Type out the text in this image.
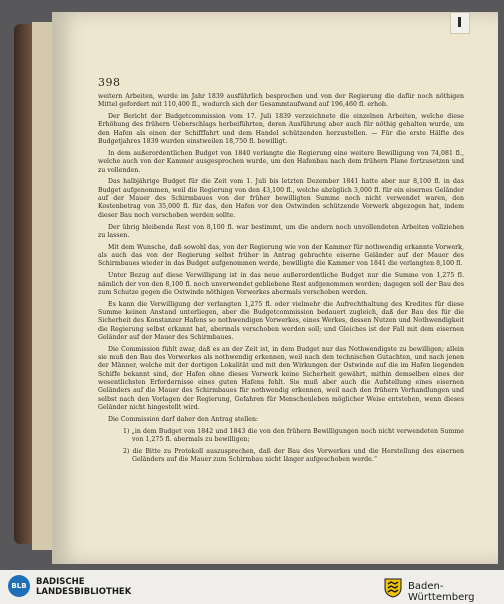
398

weitern Arbeiten, wurde im Jahr 1839 ausführlich besprochen und von der Regierung die dafür noch nöthigen Mittel gefordert mit 110,400 fl., wodurch sich der Gesammtaufwand auf 196,460 fl. erhob.

Der Bericht der Budgetcommission vom 17. Juli 1839 verzeichnete die einzelnen Arbeiten, welche diese Erhöhung des frühern Ueberschlags herbeiführten, deren Ausführung aber auch für nöthig gehalten wurde, um den Hafen als einen der Schifffahrt und dem Handel schützenden herzustellen. — Für die erste Hälfte des Budgetjahres 1839 wurden einstweilen 18,750 fl. bewilligt.

In dem außerordentlichen Budget von 1840 verlangte die Regierung eine weitere Bewilligung von 74,081 fl., welche auch von der Kammer ausgesprochen wurde, um den Hafenbau nach dem frühern Plane fortzusetzen und zu vollenden.

Das halbjährige Budget für die Zeit vom 1. Juli bis letzten Dezember 1841 hatte aber nur 8,100 fl. in das Budget aufgenommen, weil die Regierung von den 43,100 fl., welche abzüglich 3,000 fl. für ein eisernes Geländer auf der Mauer des Schirmbaues von der früher bewilligten Summe noch nicht verwendet waren, den Kostenbetrag von 35,000 fl. für das, den Hafen vor den Ostwinden schützende Vorwerk abgezogen hat, indem dieser Bau noch verschoben werden sollte.

Der übrig bleibende Rest von 8,100 fl. war bestimmt, um die andern noch unvollendeten Arbeiten vollziehen zu lassen.

Mit dem Wunsche, daß sowohl das, von der Regierung wie von der Kammer für nothwendig erkannte Vorwerk, als auch das von der Regierung selbst früher in Antrag gebrachte eiserne Geländer auf der Mauer des Schirmbaues wieder in das Budget aufgenommen werde, bewilligte die Kammer von 1841 die verlangten 8,100 fl.

Unter Bezug auf diese Verwilligung ist in das neue außerordentliche Budget nur die Summe von 1,275 fl. nämlich der von den 8,100 fl. noch unverwendet gebliebene Rest aufgenommen worden; dagegen soll der Bau des zum Schutze gegen die Ostwinde nöthigen Vorwerkes abermals verschoben werden.

Es kann die Verwilligung der verlangten 1,275 fl. oder vielmehr die Aufrechthaltung des Kredites für diese Summe keinen Anstand unterliegen, aber die Budgetcommission bedauert zugleich, daß der Bau des für die Sicherheit des Konstanzer Hafens so nothwendigen Vorwerkes, eines Werkes, dessen Nutzen und Nothwendigkeit die Regierung selbst erkannt hat, abermals verschoben werden soll; und Gleiches ist der Fall mit dem eisernen Geländer auf der Mauer des Schirmbaues.

Die Commission fühlt zwar, daß es an der Zeit ist, in dem Budget nur das Nothwendigste zu bewilligen; allein sie muß den Bau des Vorwerkes als nothwendig erkennen, weil nach den technischen Gutachten, und nach jenen der Männer, welche mit der dortigen Lokalität und mit den Wirkungen der Ostwinde auf die im Hafen liegenden Schiffe bekannt sind, der Hafen ohne dieses Vorwerk keine Sicherheit gewährt, mithin demselben eines der wesentlichsten Erfordernisse eines guten Hafens fehlt. Sie muß aber auch die Aufstellung eines eisernen Geländers auf die Mauer des Schirmbaues für nothwendig erkennen, weil nach den frühern Verhandlungen und selbst nach den Vorlagen der Regierung, Gefahren für Menschenleben möglicher Weise entstehen, wenn dieses Geländer nicht hingestellt wird.

Die Commission darf daher den Antrag stellen:

1) „in dem Budget von 1842 und 1843 die von den frühern Bewilligungen noch nicht verwendeten Summe von 1,275 fl. abermals zu bewilligen;

2) die Bitte zu Protokoll auszusprechen, daß der Bau des Vorwerkes und die Herstellung des eisernen Geländers auf die Mauer zum Schirmbau nicht länger aufgeschoben werde.“

BLB	BADISCHE
LANDESBIBLIOTHEK	Baden-Württemberg
